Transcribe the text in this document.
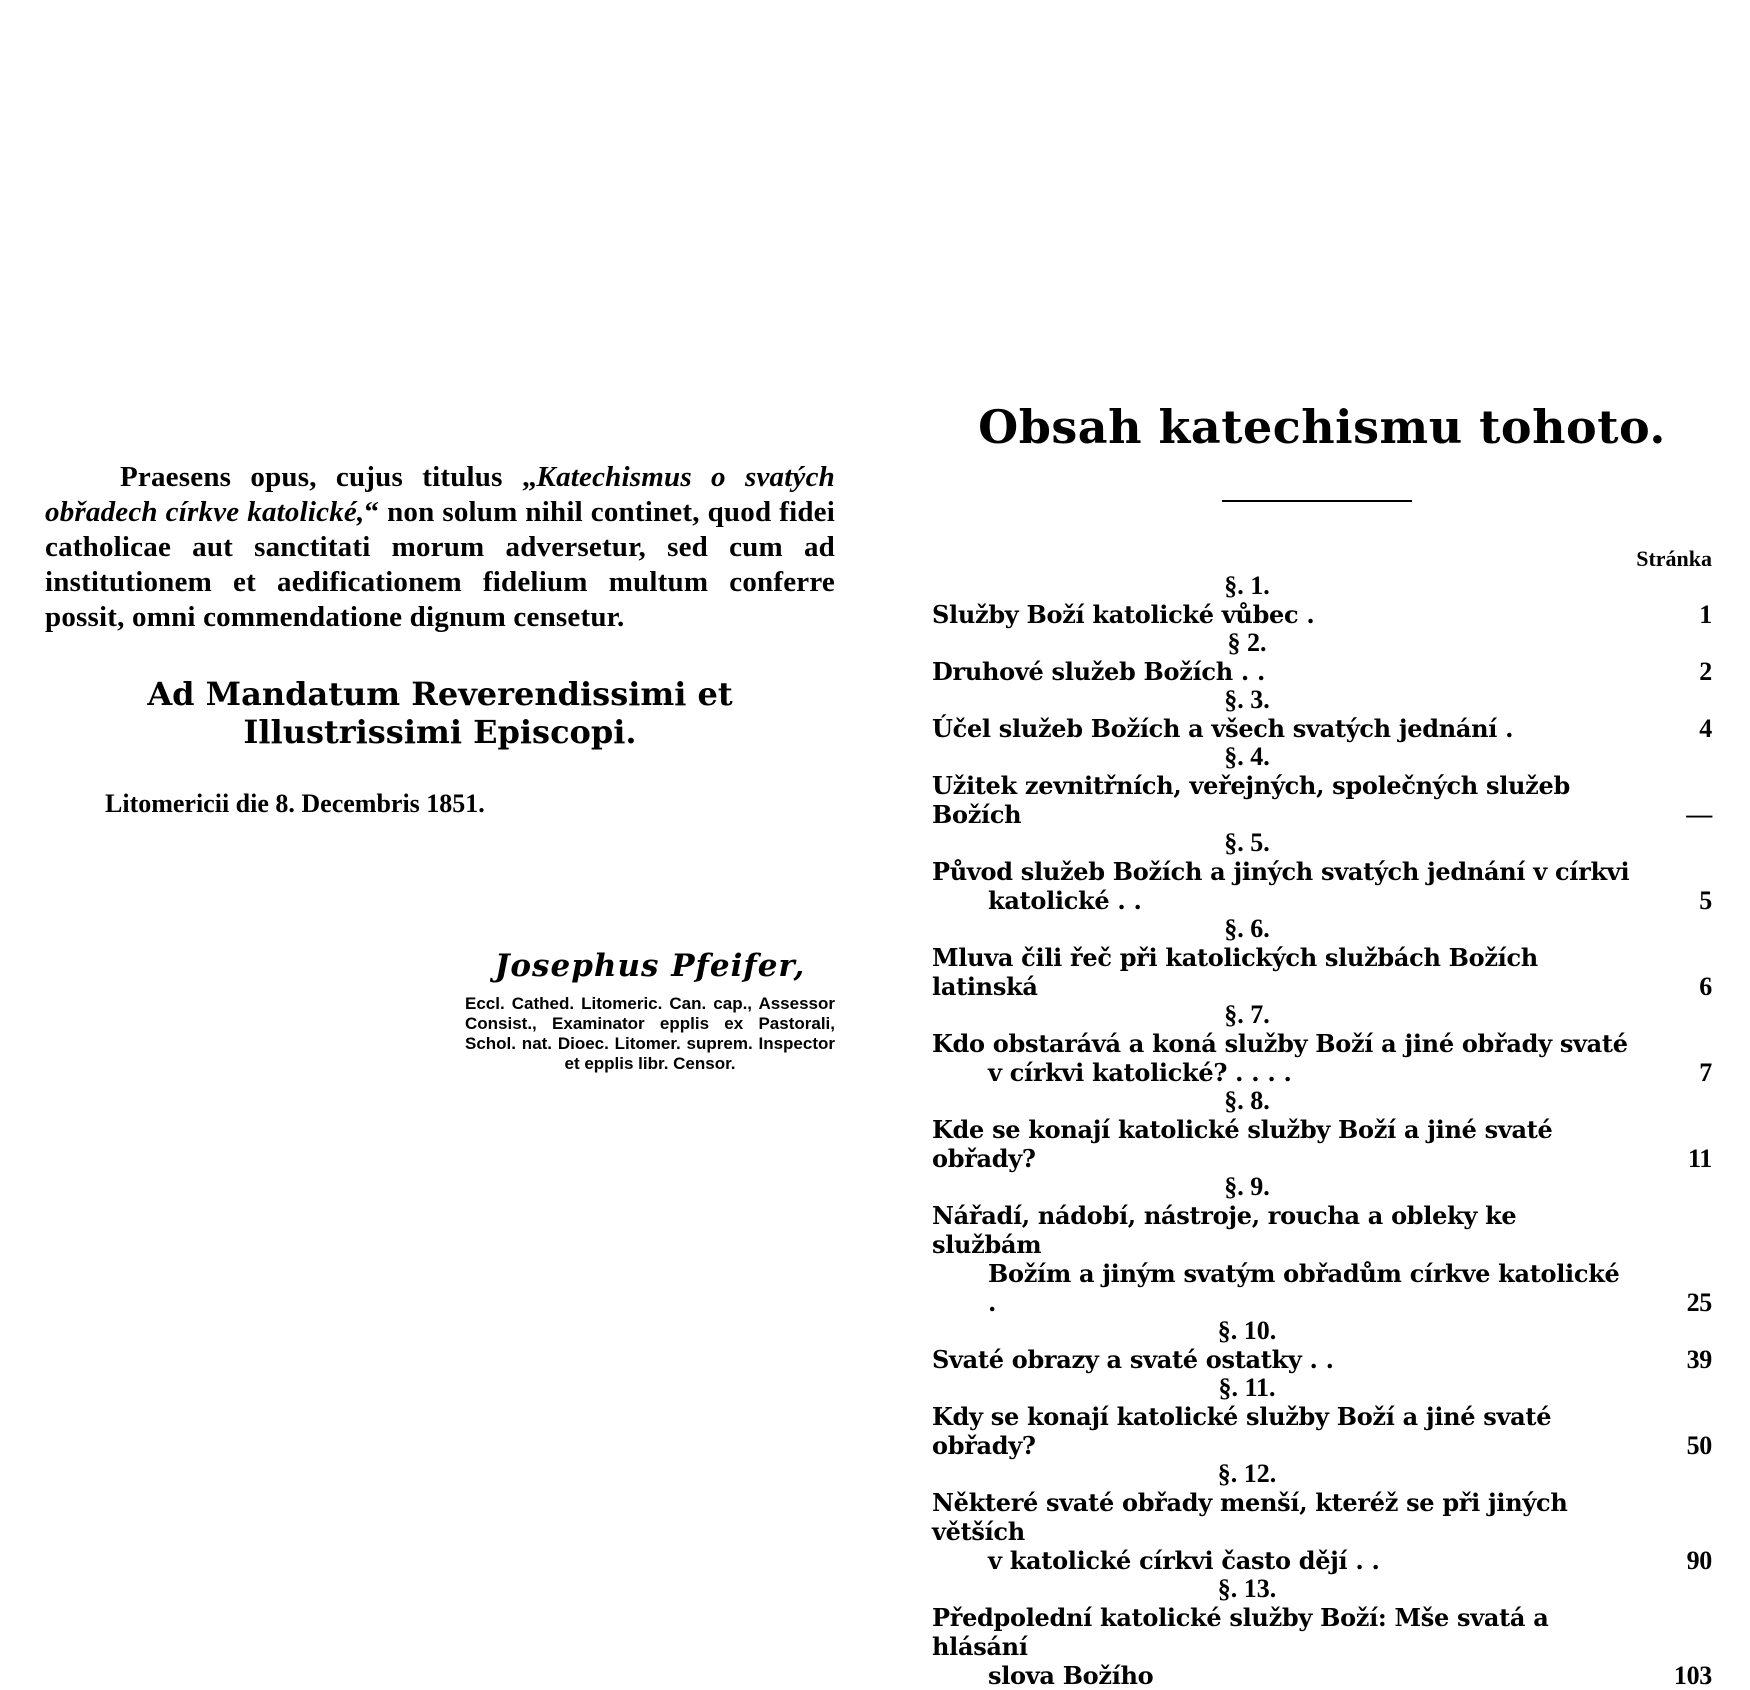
Praesens opus, cujus titulus „Katechismus o svatých obřadech církve katolické,“ non solum nihil continet, quod fidei catholicae aut sanctitati morum adversetur, sed cum ad institutionem et aedificationem fidelium multum conferre possit, omni commendatione dignum censetur.

Ad Mandatum Reverendissimi et Illustrissimi Episcopi.
Litomericii die 8. Decembris 1851.
Josephus Pfeifer,
Eccl. Cathed. Litomeric. Can. cap., Assessor Consist., Examinator epplis ex Pastorali, Schol. nat. Dioec. Litomer. suprem. Inspector et epplis libr. Censor.
Obsah katechismu tohoto.
Stránka
§. 1.
Služby Boží katolické vůbec .	1
§ 2.
Druhové služeb Božích . .	2
§. 3.
Účel služeb Božích a všech svatých jednání .	4
§. 4.
Užitek zevnitřních, veřejných, společných služeb Božích	—
§. 5.
Původ služeb Božích a jiných svatých jednání v církvi
katolické . .	5
§. 6.
Mluva čili řeč při katolických službách Božích latinská	6
§. 7.
Kdo obstarává a koná služby Boží a jiné obřady svaté
v církvi katolické? . . . .	7
§. 8.
Kde se konají katolické služby Boží a jiné svaté obřady?	11
§. 9.
Nářadí, nádobí, nástroje, roucha a obleky ke službám
Božím a jiným svatým obřadům církve katolické .	25
§. 10.
Svaté obrazy a svaté ostatky . .	39
§. 11.
Kdy se konají katolické služby Boží a jiné svaté obřady?	50
§. 12.
Některé svaté obřady menší, kteréž se při jiných větších
v katolické církvi často dějí . .	90
§. 13.
Předpolední katolické služby Boží: Mše svatá a hlásání
slova Božího	103
